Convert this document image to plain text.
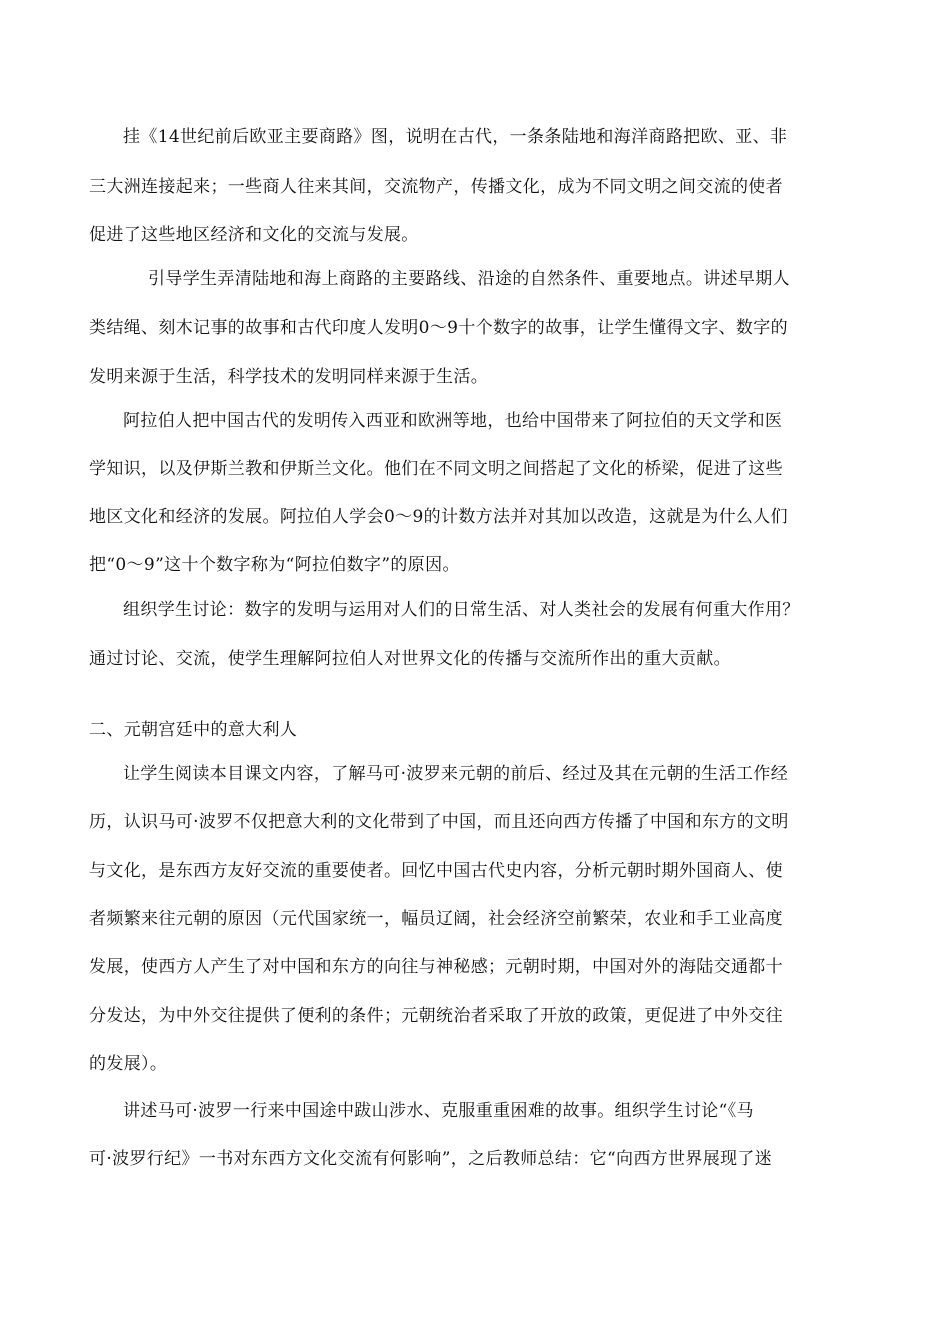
挂《14世纪前后欧亚主要商路》图，说明在古代，一条条陆地和海洋商路把欧、亚、非
三大洲连接起来；一些商人往来其间，交流物产，传播文化，成为不同文明之间交流的使者
促进了这些地区经济和文化的交流与发展。
引导学生弄清陆地和海上商路的主要路线、沿途的自然条件、重要地点。讲述早期人
类结绳、刻木记事的故事和古代印度人发明0～9十个数字的故事，让学生懂得文字、数字的
发明来源于生活，科学技术的发明同样来源于生活。
阿拉伯人把中国古代的发明传入西亚和欧洲等地，也给中国带来了阿拉伯的天文学和医
学知识，以及伊斯兰教和伊斯兰文化。他们在不同文明之间搭起了文化的桥梁，促进了这些
地区文化和经济的发展。阿拉伯人学会0～9的计数方法并对其加以改造，这就是为什么人们
把“0～9”这十个数字称为“阿拉伯数字”的原因。
组织学生讨论：数字的发明与运用对人们的日常生活、对人类社会的发展有何重大作用？
通过讨论、交流，使学生理解阿拉伯人对世界文化的传播与交流所作出的重大贡献。
二、元朝宫廷中的意大利人
让学生阅读本目课文内容，了解马可·波罗来元朝的前后、经过及其在元朝的生活工作经
历，认识马可·波罗不仅把意大利的文化带到了中国，而且还向西方传播了中国和东方的文明
与文化，是东西方友好交流的重要使者。回忆中国古代史内容，分析元朝时期外国商人、使
者频繁来往元朝的原因（元代国家统一，幅员辽阔，社会经济空前繁荣，农业和手工业高度
发展，使西方人产生了对中国和东方的向往与神秘感；元朝时期，中国对外的海陆交通都十
分发达，为中外交往提供了便利的条件；元朝统治者采取了开放的政策，更促进了中外交往
的发展）。
讲述马可·波罗一行来中国途中跋山涉水、克服重重困难的故事。组织学生讨论“《马
可·波罗行纪》一书对东西方文化交流有何影响”，之后教师总结：它“向西方世界展现了迷
